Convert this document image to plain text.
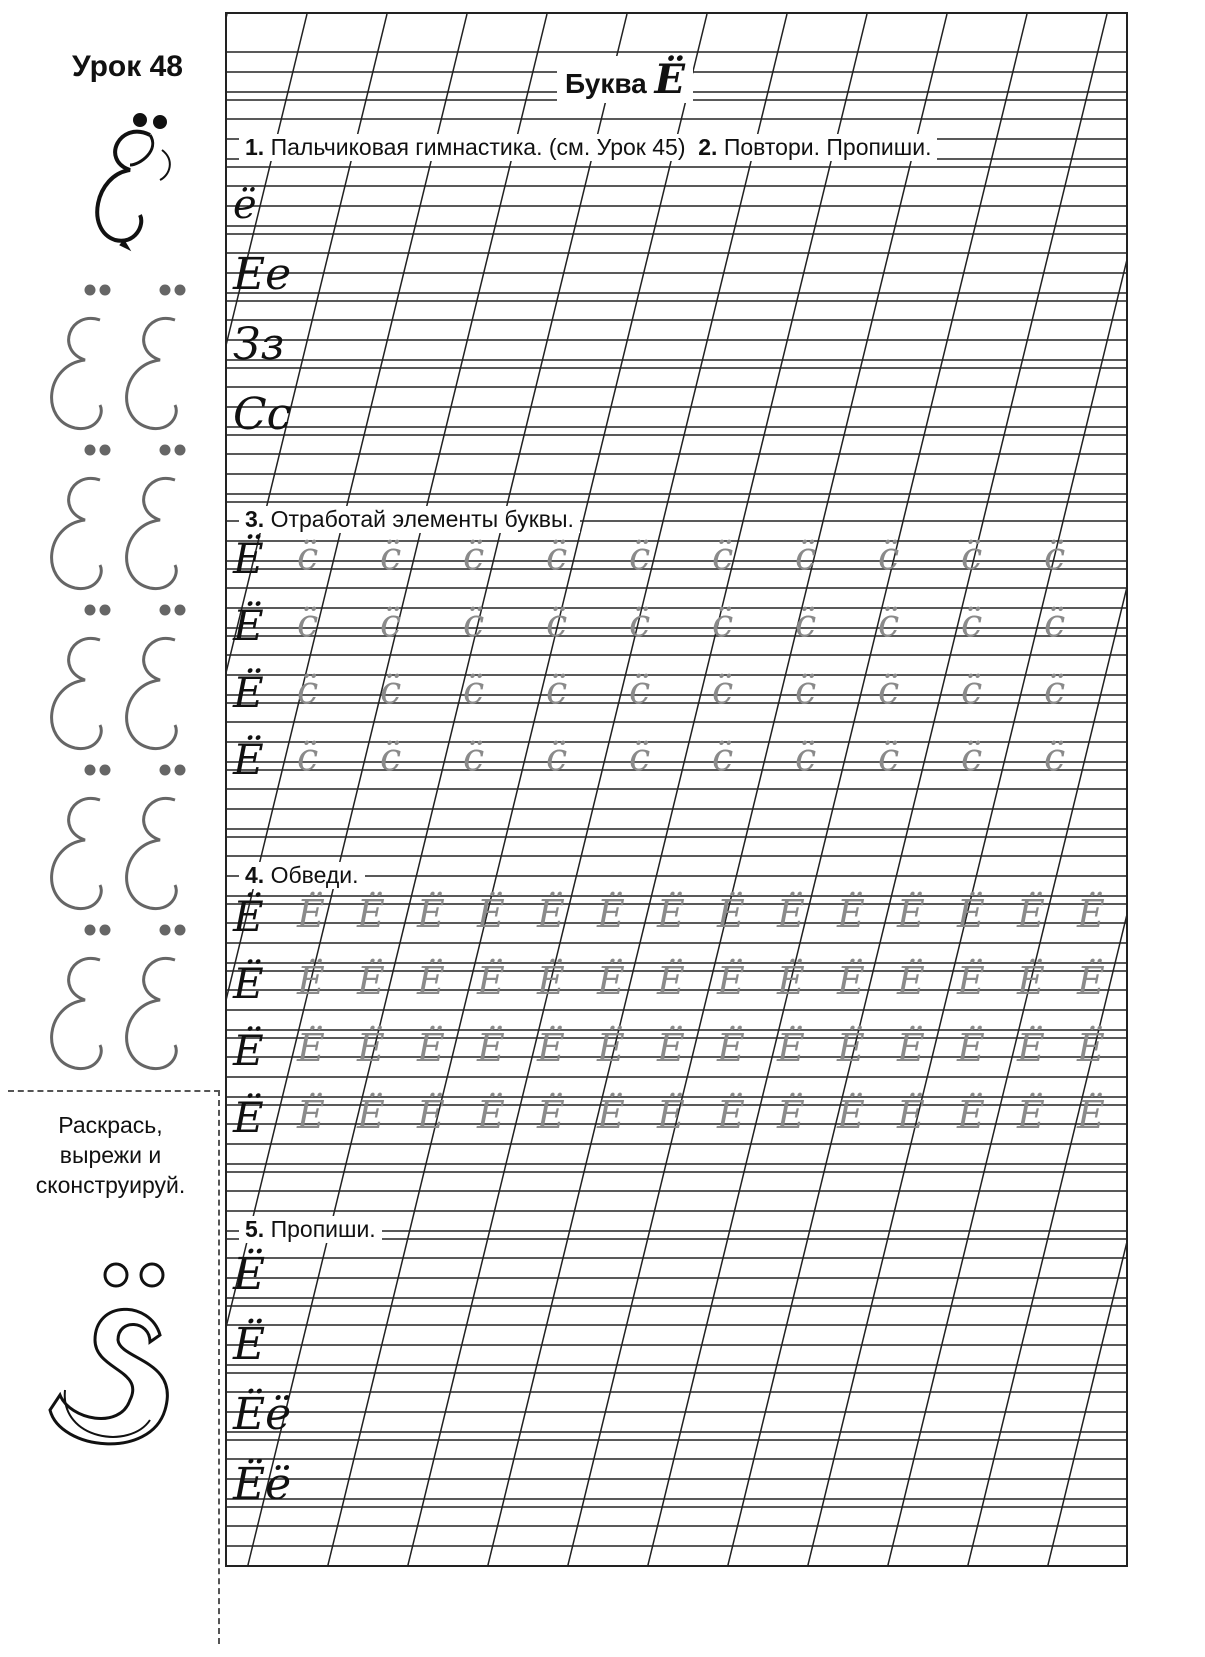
Урок 48
Раскрась,
вырежи и
сконструируй.
Буква Ё
1. Пальчиковая гимнастика. (см. Урок 45) 2. Повтори. Пропиши.
ё
Ее
Зз
Сс
3. Отработай элементы буквы.
Ё с̈ с̈ с̈ с̈ с̈ с̈ с̈ с̈ с̈ с̈
Ё с̈ с̈ с̈ с̈ с̈ с̈ с̈ с̈ с̈ с̈
Ё с̈ с̈ с̈ с̈ с̈ с̈ с̈ с̈ с̈ с̈
Ё с̈ с̈ с̈ с̈ с̈ с̈ с̈ с̈ с̈ с̈
4. Обведи.
Ё Ё Ё Ё Ё Ё Ё Ё Ё Ё Ё Ё Ё Ё Ё
Ё Ё Ё Ё Ё Ё Ё Ё Ё Ё Ё Ё Ё Ё Ё
Ё Ё Ё Ё Ё Ё Ё Ё Ё Ё Ё Ё Ё Ё Ё
Ё Ё Ё Ё Ё Ё Ё Ё Ё Ё Ё Ё Ё Ё Ё
5. Пропиши.
Ё
Ё
Ёё
Ёё
